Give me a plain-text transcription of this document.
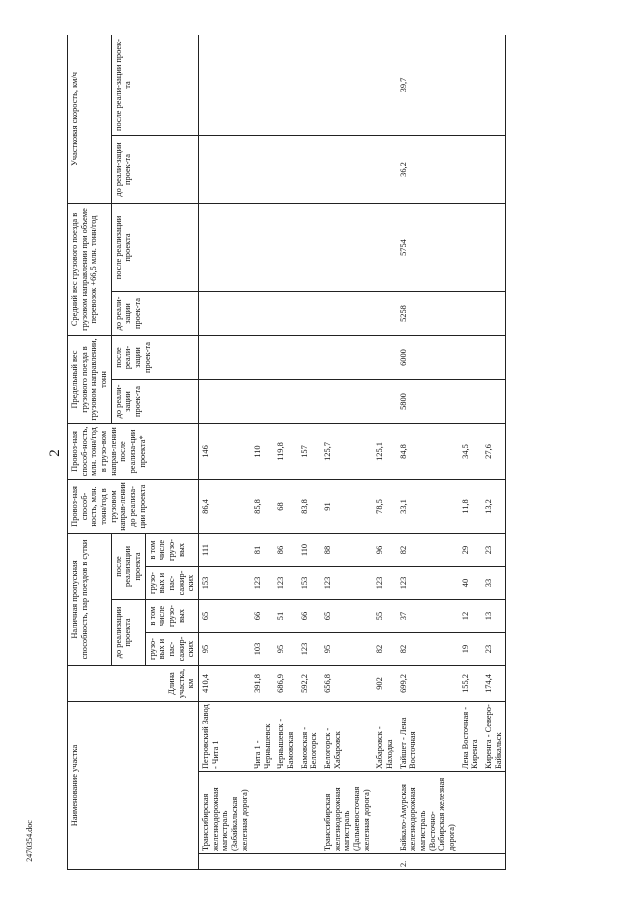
2
2470354.doc
Наименование участка			Длина участка, км	Наличная пропускная способность, пар поездов в сутки				Провоз-ная способ-ность, млн. тонн/год в грузовом направ-лении до реализа-ции проекта	Провоз-ная способ-ность, млн. тонн/год в грузо-вом направ-лении после реализа-ции проекта*	Предельный вес грузового поезда в грузовом направлении, тонн		Средний вес грузового поезда в грузовом направлении при объеме перевозок +66,5 млн. тонн/год		Участковая скорость, км/ч	
				до реализации проекта		после реализации проекта				до реали-зации проек-та	после реали-зации проек-та	до реали-зации проек-та	после реализации проекта	до реали-зации проек-та	после реали-зации проек-та
				грузо-вых и пас-сажир-ских	в том числе грузо-вых	грузо-вых и пас-сажир-ских	в том числе грузо-вых								
	Транссибирская железнодорожная магистраль (Забайкальская железная дорога)	Петровский Завод - Чита 1	410,4	95	65	153	111	86,4	146						
		Чита 1 - Чернышевск	391,8	103	66	123	81	85,8	110						
		Чернышевск - Бамовская	686,9	95	51	123	86	68	119,8						
		Бамовская - Белогорск	592,2	123	66	153	110	83,8	157						
	Транссибирская железнодорожная магистраль (Дальневосточная железная дорога)	Белогорск - Хабаровск	656,8	95	65	123	88	91	125,7						
		Хабаровск - Находка	902	82	55	123	96	78,5	125,1						
2.	Байкало-Амурская железнодорожная магистраль (Восточно-Сибирская железная дорога)	Тайшет - Лена Восточная	699,2	82	37	123	82	33,1	84,8	5800	6000	5258	5754	36,2	39,7
		Лена Восточная - Киренга	155,2	19	12	40	29	11,8	34,5						
		Киренга - Северо-Байкальск	174,4	23	13	33	23	13,2	27,6						
